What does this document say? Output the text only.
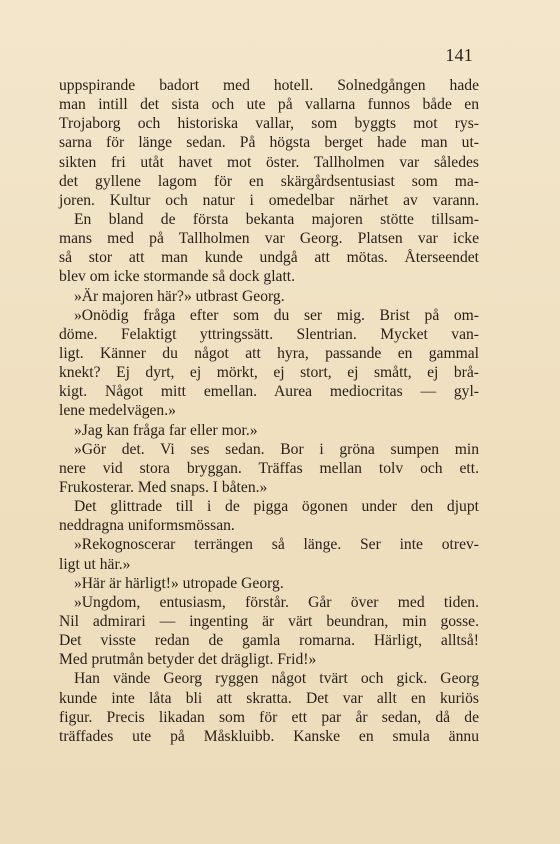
141
uppspirande badort med hotell. Solnedgången hade
man intill det sista och ute på vallarna funnos både en
Trojaborg och historiska vallar, som byggts mot rys-
sarna för länge sedan. På högsta berget hade man ut-
sikten fri utåt havet mot öster. Tallholmen var således
det gyllene lagom för en skärgårdsentusiast som ma-
joren. Kultur och natur i omedelbar närhet av varann.
En bland de första bekanta majoren stötte tillsam-
mans med på Tallholmen var Georg. Platsen var icke
så stor att man kunde undgå att mötas. Återseendet
blev om icke stormande så dock glatt.
»Är majoren här?» utbrast Georg.
»Onödig fråga efter som du ser mig. Brist på om-
döme. Felaktigt yttringssätt. Slentrian. Mycket van-
ligt. Känner du något att hyra, passande en gammal
knekt? Ej dyrt, ej mörkt, ej stort, ej smått, ej brå-
kigt. Något mitt emellan. Aurea mediocritas — gyl-
lene medelvägen.»
»Jag kan fråga far eller mor.»
»Gör det. Vi ses sedan. Bor i gröna sumpen min
nere vid stora bryggan. Träffas mellan tolv och ett.
Frukosterar. Med snaps. I båten.»
Det glittrade till i de pigga ögonen under den djupt
neddragna uniformsmössan.
»Rekognoscerar terrängen så länge. Ser inte otrev-
ligt ut här.»
»Här är härligt!» utropade Georg.
»Ungdom, entusiasm, förstår. Går över med tiden.
Nil admirari — ingenting är värt beundran, min gosse.
Det visste redan de gamla romarna. Härligt, alltså!
Med prutmån betyder det drägligt. Frid!»
Han vände Georg ryggen något tvärt och gick. Georg
kunde inte låta bli att skratta. Det var allt en kuriös
figur. Precis likadan som för ett par år sedan, då de
träffades ute på Måskluibb. Kanske en smula ännu
